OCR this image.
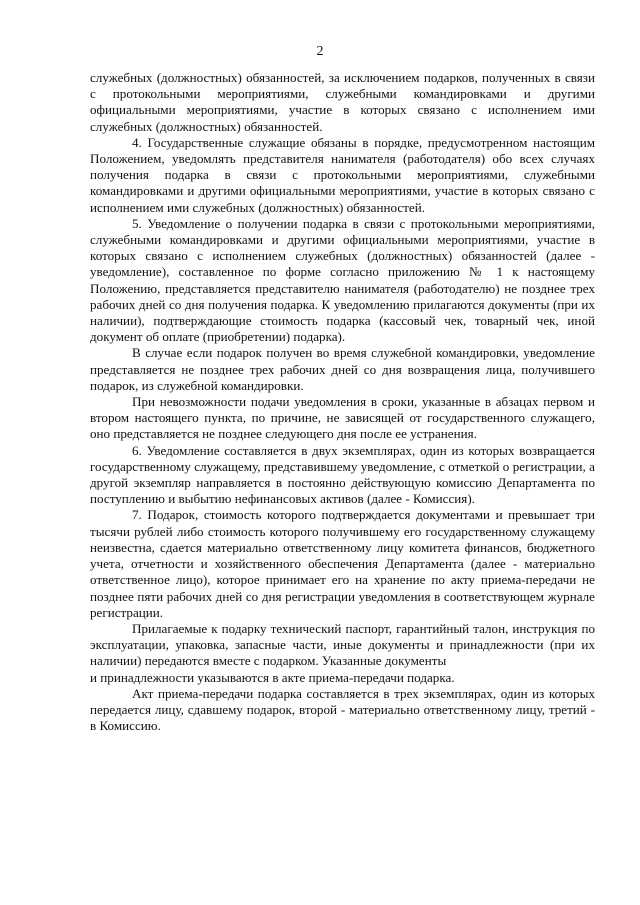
2

служебных (должностных) обязанностей, за исключением подарков, полученных в связи с протокольными мероприятиями, служебными командировками и другими официальными мероприятиями, участие в которых связано с исполнением ими служебных (должностных) обязанностей.

4. Государственные служащие обязаны в порядке, предусмотренном настоящим Положением, уведомлять представителя нанимателя (работодателя) обо всех случаях получения подарка в связи с протокольными мероприятиями, служебными командировками и другими официальными мероприятиями, участие в которых связано с исполнением ими служебных (должностных) обязанностей.

5. Уведомление о получении подарка в связи с протокольными мероприятиями, служебными командировками и другими официальными мероприятиями, участие в которых связано с исполнением служебных (должностных) обязанностей (далее - уведомление), составленное по форме согласно приложению № 1 к настоящему Положению, представляется представителю нанимателя (работодателю) не позднее трех рабочих дней со дня получения подарка. К уведомлению прилагаются документы (при их наличии), подтверждающие стоимость подарка (кассовый чек, товарный чек, иной документ об оплате (приобретении) подарка).

В случае если подарок получен во время служебной командировки, уведомление представляется не позднее трех рабочих дней со дня возвращения лица, получившего подарок, из служебной командировки.

При невозможности подачи уведомления в сроки, указанные в абзацах первом и втором настоящего пункта, по причине, не зависящей от государственного служащего, оно представляется не позднее следующего дня после ее устранения.

6. Уведомление составляется в двух экземплярах, один из которых возвращается государственному служащему, представившему уведомление, с отметкой о регистрации, а другой экземпляр направляется в постоянно действующую комиссию Департамента по поступлению и выбытию нефинансовых активов (далее - Комиссия).

7. Подарок, стоимость которого подтверждается документами и превышает три тысячи рублей либо стоимость которого получившему его государственному служащему неизвестна, сдается материально ответственному лицу комитета финансов, бюджетного учета, отчетности и хозяйственного обеспечения Департамента (далее - материально ответственное лицо), которое принимает его на хранение по акту приема-передачи не позднее пяти рабочих дней со дня регистрации уведомления в соответствующем журнале регистрации.

Прилагаемые к подарку технический паспорт, гарантийный талон, инструкция по эксплуатации, упаковка, запасные части, иные документы и принадлежности (при их наличии) передаются вместе с подарком. Указанные документы

и принадлежности указываются в акте приема-передачи подарка.

Акт приема-передачи подарка составляется в трех экземплярах, один из которых передается лицу, сдавшему подарок, второй - материально ответственному лицу, третий - в Комиссию.
